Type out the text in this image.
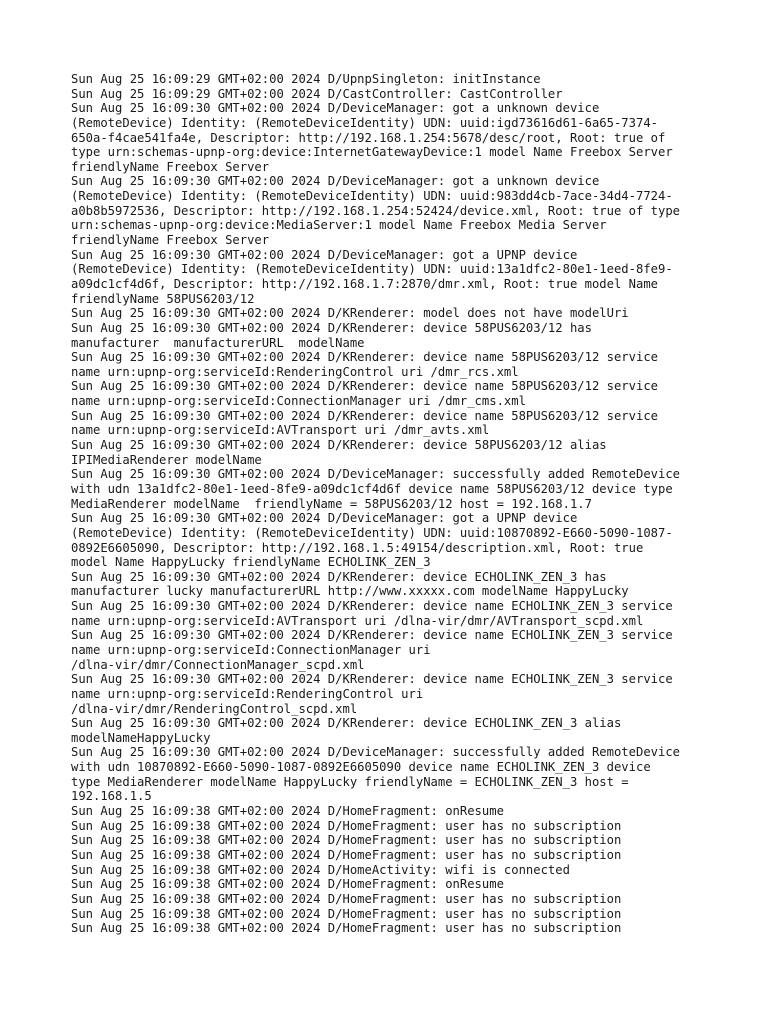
Sun Aug 25 16:09:29 GMT+02:00 2024 D/UpnpSingleton: initInstance
Sun Aug 25 16:09:29 GMT+02:00 2024 D/CastController: CastController
Sun Aug 25 16:09:30 GMT+02:00 2024 D/DeviceManager: got a unknown device
(RemoteDevice) Identity: (RemoteDeviceIdentity) UDN: uuid:igd73616d61-6a65-7374-
650a-f4cae541fa4e, Descriptor: http://192.168.1.254:5678/desc/root, Root: true of
type urn:schemas-upnp-org:device:InternetGatewayDevice:1 model Name Freebox Server
friendlyName Freebox Server
Sun Aug 25 16:09:30 GMT+02:00 2024 D/DeviceManager: got a unknown device
(RemoteDevice) Identity: (RemoteDeviceIdentity) UDN: uuid:983dd4cb-7ace-34d4-7724-
a0b8b5972536, Descriptor: http://192.168.1.254:52424/device.xml, Root: true of type
urn:schemas-upnp-org:device:MediaServer:1 model Name Freebox Media Server
friendlyName Freebox Server
Sun Aug 25 16:09:30 GMT+02:00 2024 D/DeviceManager: got a UPNP device
(RemoteDevice) Identity: (RemoteDeviceIdentity) UDN: uuid:13a1dfc2-80e1-1eed-8fe9-
a09dc1cf4d6f, Descriptor: http://192.168.1.7:2870/dmr.xml, Root: true model Name
friendlyName 58PUS6203/12
Sun Aug 25 16:09:30 GMT+02:00 2024 D/KRenderer: model does not have modelUri
Sun Aug 25 16:09:30 GMT+02:00 2024 D/KRenderer: device 58PUS6203/12 has
manufacturer  manufacturerURL  modelName
Sun Aug 25 16:09:30 GMT+02:00 2024 D/KRenderer: device name 58PUS6203/12 service
name urn:upnp-org:serviceId:RenderingControl uri /dmr_rcs.xml
Sun Aug 25 16:09:30 GMT+02:00 2024 D/KRenderer: device name 58PUS6203/12 service
name urn:upnp-org:serviceId:ConnectionManager uri /dmr_cms.xml
Sun Aug 25 16:09:30 GMT+02:00 2024 D/KRenderer: device name 58PUS6203/12 service
name urn:upnp-org:serviceId:AVTransport uri /dmr_avts.xml
Sun Aug 25 16:09:30 GMT+02:00 2024 D/KRenderer: device 58PUS6203/12 alias
IPIMediaRenderer modelName
Sun Aug 25 16:09:30 GMT+02:00 2024 D/DeviceManager: successfully added RemoteDevice
with udn 13a1dfc2-80e1-1eed-8fe9-a09dc1cf4d6f device name 58PUS6203/12 device type
MediaRenderer modelName  friendlyName = 58PUS6203/12 host = 192.168.1.7
Sun Aug 25 16:09:30 GMT+02:00 2024 D/DeviceManager: got a UPNP device
(RemoteDevice) Identity: (RemoteDeviceIdentity) UDN: uuid:10870892-E660-5090-1087-
0892E6605090, Descriptor: http://192.168.1.5:49154/description.xml, Root: true
model Name HappyLucky friendlyName ECHOLINK_ZEN_3
Sun Aug 25 16:09:30 GMT+02:00 2024 D/KRenderer: device ECHOLINK_ZEN_3 has
manufacturer lucky manufacturerURL http://www.xxxxx.com modelName HappyLucky
Sun Aug 25 16:09:30 GMT+02:00 2024 D/KRenderer: device name ECHOLINK_ZEN_3 service
name urn:upnp-org:serviceId:AVTransport uri /dlna-vir/dmr/AVTransport_scpd.xml
Sun Aug 25 16:09:30 GMT+02:00 2024 D/KRenderer: device name ECHOLINK_ZEN_3 service
name urn:upnp-org:serviceId:ConnectionManager uri
/dlna-vir/dmr/ConnectionManager_scpd.xml
Sun Aug 25 16:09:30 GMT+02:00 2024 D/KRenderer: device name ECHOLINK_ZEN_3 service
name urn:upnp-org:serviceId:RenderingControl uri
/dlna-vir/dmr/RenderingControl_scpd.xml
Sun Aug 25 16:09:30 GMT+02:00 2024 D/KRenderer: device ECHOLINK_ZEN_3 alias
modelNameHappyLucky
Sun Aug 25 16:09:30 GMT+02:00 2024 D/DeviceManager: successfully added RemoteDevice
with udn 10870892-E660-5090-1087-0892E6605090 device name ECHOLINK_ZEN_3 device
type MediaRenderer modelName HappyLucky friendlyName = ECHOLINK_ZEN_3 host =
192.168.1.5
Sun Aug 25 16:09:38 GMT+02:00 2024 D/HomeFragment: onResume
Sun Aug 25 16:09:38 GMT+02:00 2024 D/HomeFragment: user has no subscription
Sun Aug 25 16:09:38 GMT+02:00 2024 D/HomeFragment: user has no subscription
Sun Aug 25 16:09:38 GMT+02:00 2024 D/HomeFragment: user has no subscription
Sun Aug 25 16:09:38 GMT+02:00 2024 D/HomeActivity: wifi is connected
Sun Aug 25 16:09:38 GMT+02:00 2024 D/HomeFragment: onResume
Sun Aug 25 16:09:38 GMT+02:00 2024 D/HomeFragment: user has no subscription
Sun Aug 25 16:09:38 GMT+02:00 2024 D/HomeFragment: user has no subscription
Sun Aug 25 16:09:38 GMT+02:00 2024 D/HomeFragment: user has no subscription
